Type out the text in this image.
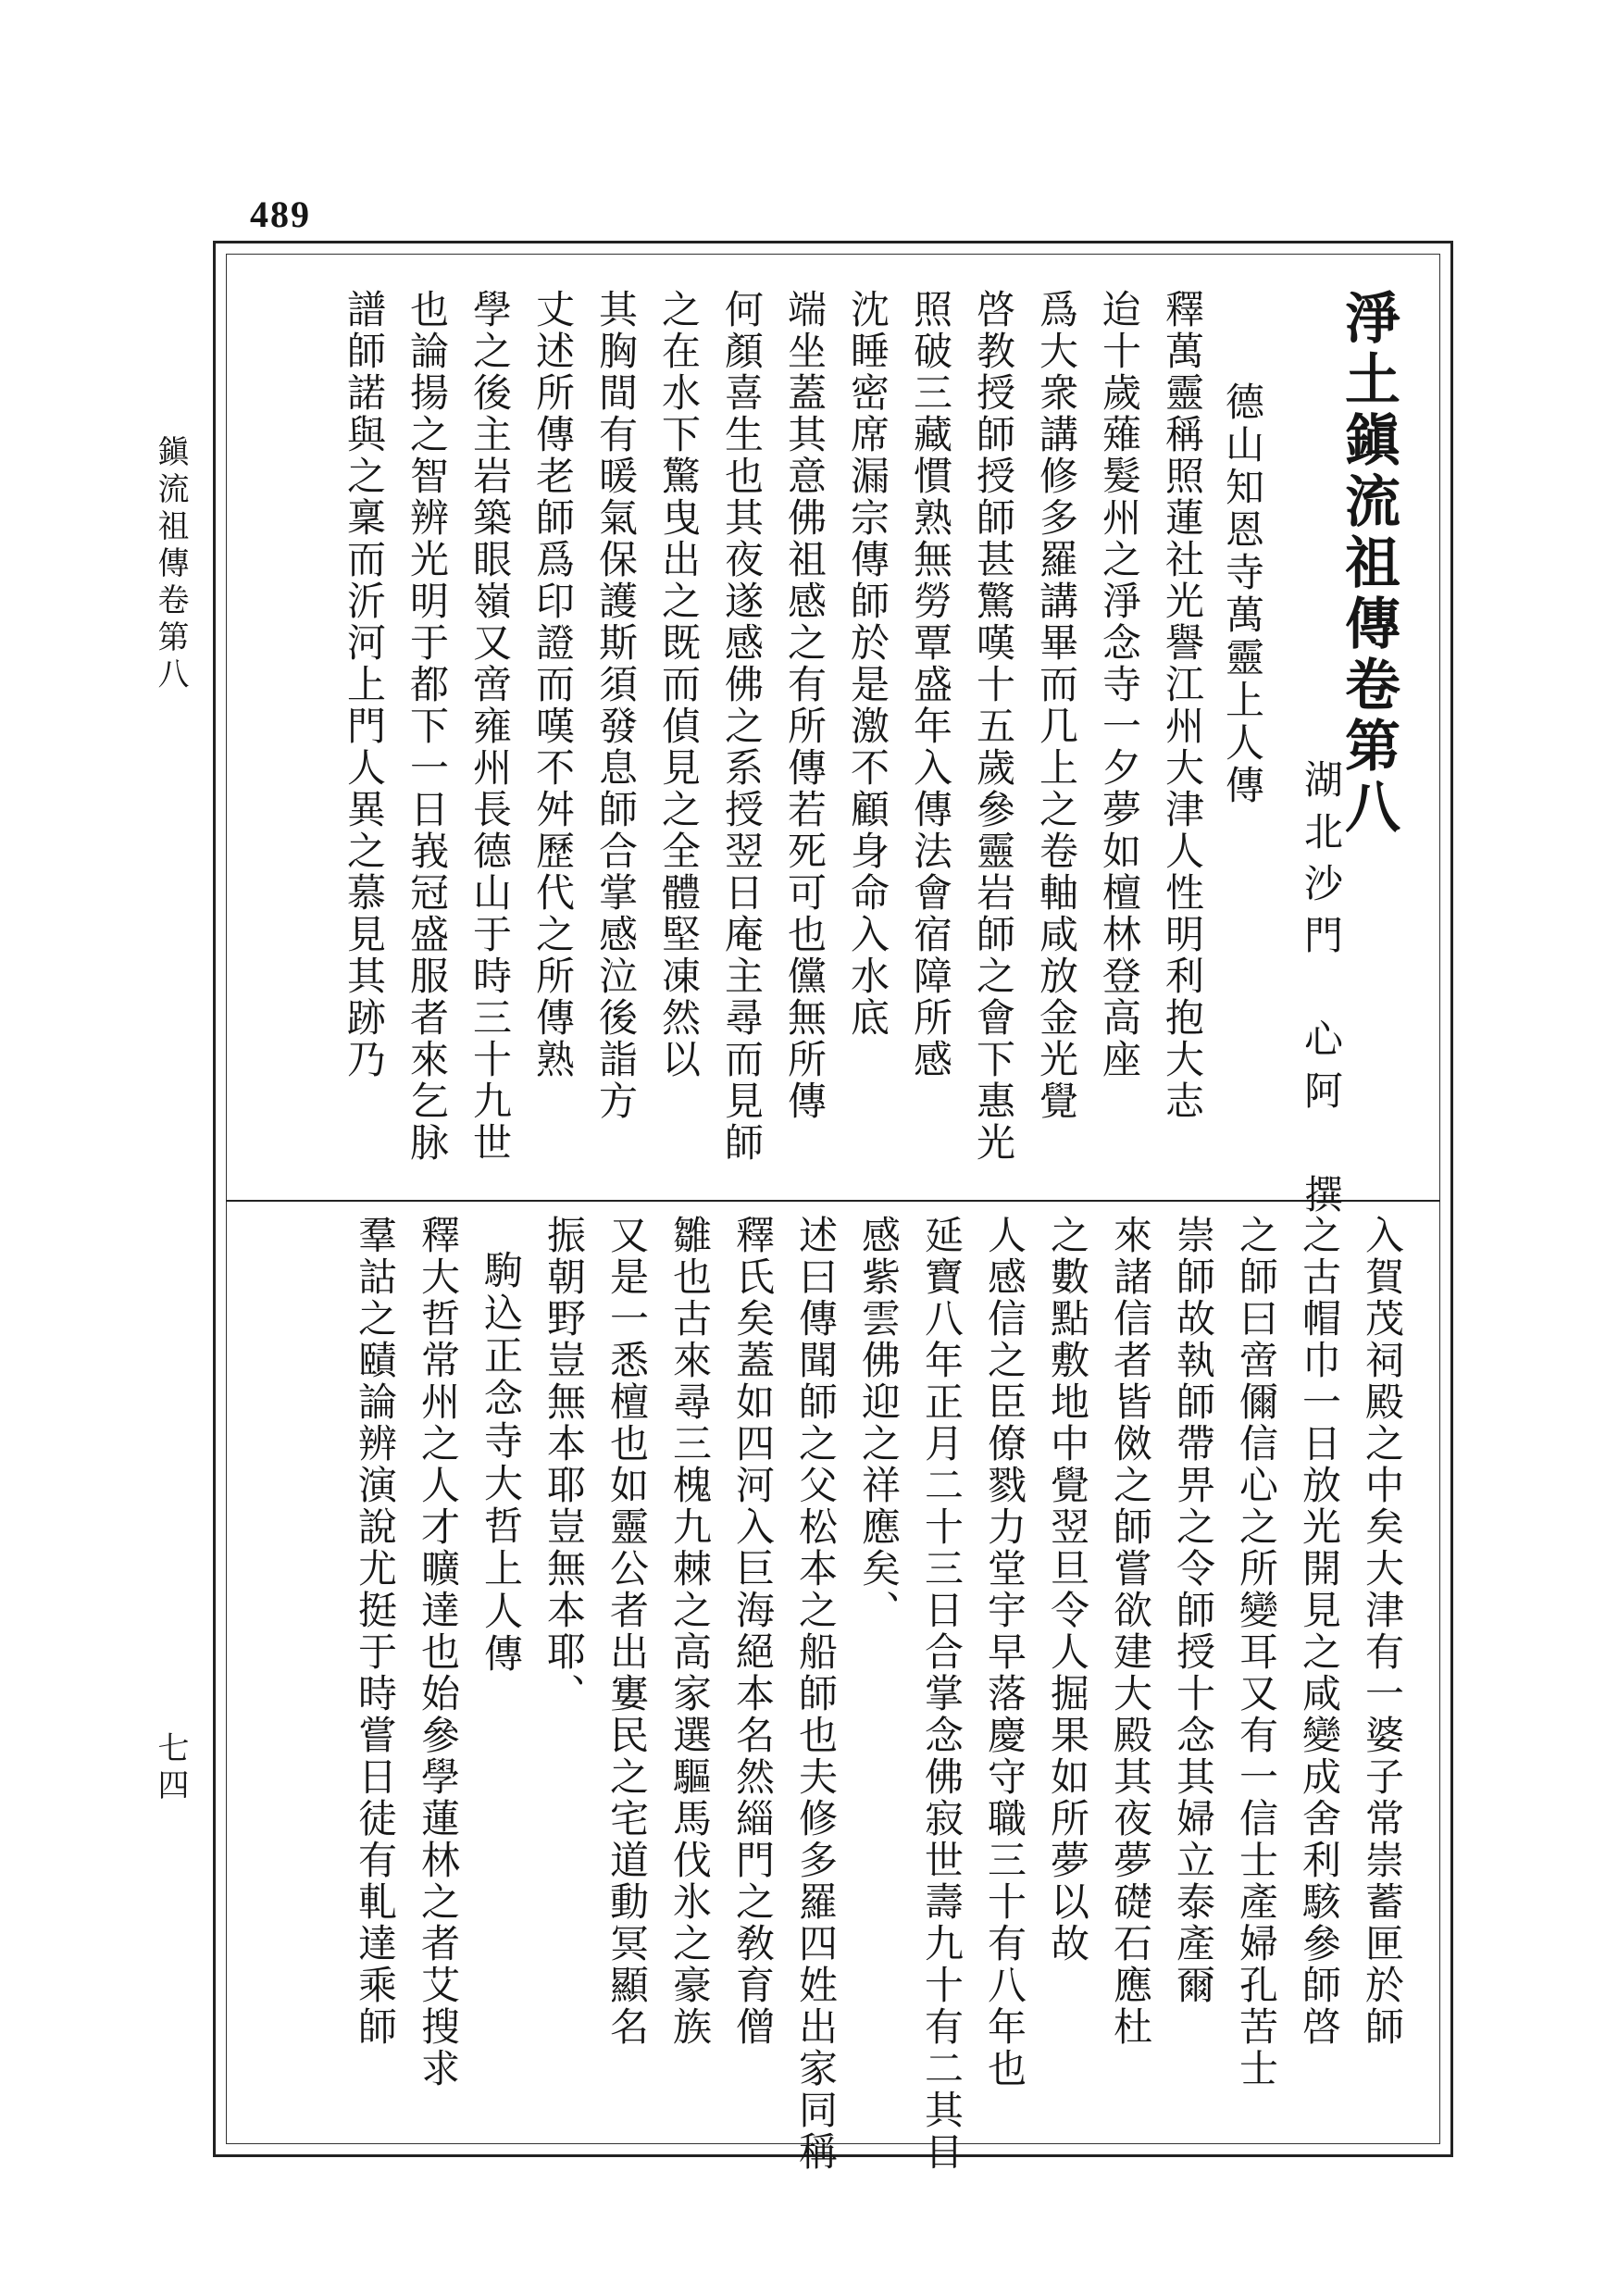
489
鎭流祖傳卷第八
七四
淨土鎭流祖傳卷第八
湖北沙門　心阿　撰
德山知恩寺萬靈上人傳
釋萬靈稱照蓮社光譽江州大津人性明利抱大志
迨十歲薙髮州之淨念寺一夕夢如檀林登高座
爲大衆講修多羅講畢而几上之卷軸咸放金光覺
啓教授師授師甚驚嘆十五歲參靈岩師之會下惠光
照破三藏慣熟無勞覃盛年入傳法會宿障所感
沈睡密席漏宗傳師於是激不顧身命入水底
端坐蓋其意佛祖感之有所傳若死可也儻無所傳
何顏喜生也其夜遂感佛之系授翌日庵主尋而見師
之在水下驚曳出之既而偵見之全體堅凍然以
其胸間有暖氣保護斯須發息師合掌感泣後詣方
丈述所傳老師爲印證而嘆不舛歷代之所傳熟
學之後主岩築眼嶺又啻雍州長德山于時三十九世
也論揚之智辨光明于都下一日峩冠盛服者來乞脉
譜師諾與之稟而沂河上門人異之慕見其跡乃
入賀茂祠殿之中矣大津有一婆子常崇蓄匣於師
之古帽巾一日放光開見之咸變成舍利駭參師啓
之師曰啻儞信心之所變耳又有一信士產婦孔苦士
崇師故執師帶畀之令師授十念其婦立泰產爾
來諸信者皆傚之師嘗欲建大殿其夜夢礎石應杜
之數點敷地中覺翌旦令人掘果如所夢以故
人感信之臣僚戮力堂宇早落慶守職三十有八年也
延寶八年正月二十三日合掌念佛寂世壽九十有二其日
感紫雲佛迎之祥應矣、
述曰傳聞師之父松本之船師也夫修多羅四姓出家同稱
釋氏矣蓋如四河入巨海絕本名然緇門之敎育僧
雛也古來尋三槐九棘之高家選驅馬伐氷之豪族
又是一悉檀也如靈公者出寠民之宅道動冥顯名
振朝野豈無本耶豈無本耶、
駒込正念寺大哲上人傳
釋大哲常州之人才曠達也始參學蓮林之者艾搜求
羣詁之賾論辨演說尤挺于時嘗日徒有軋達乘師
